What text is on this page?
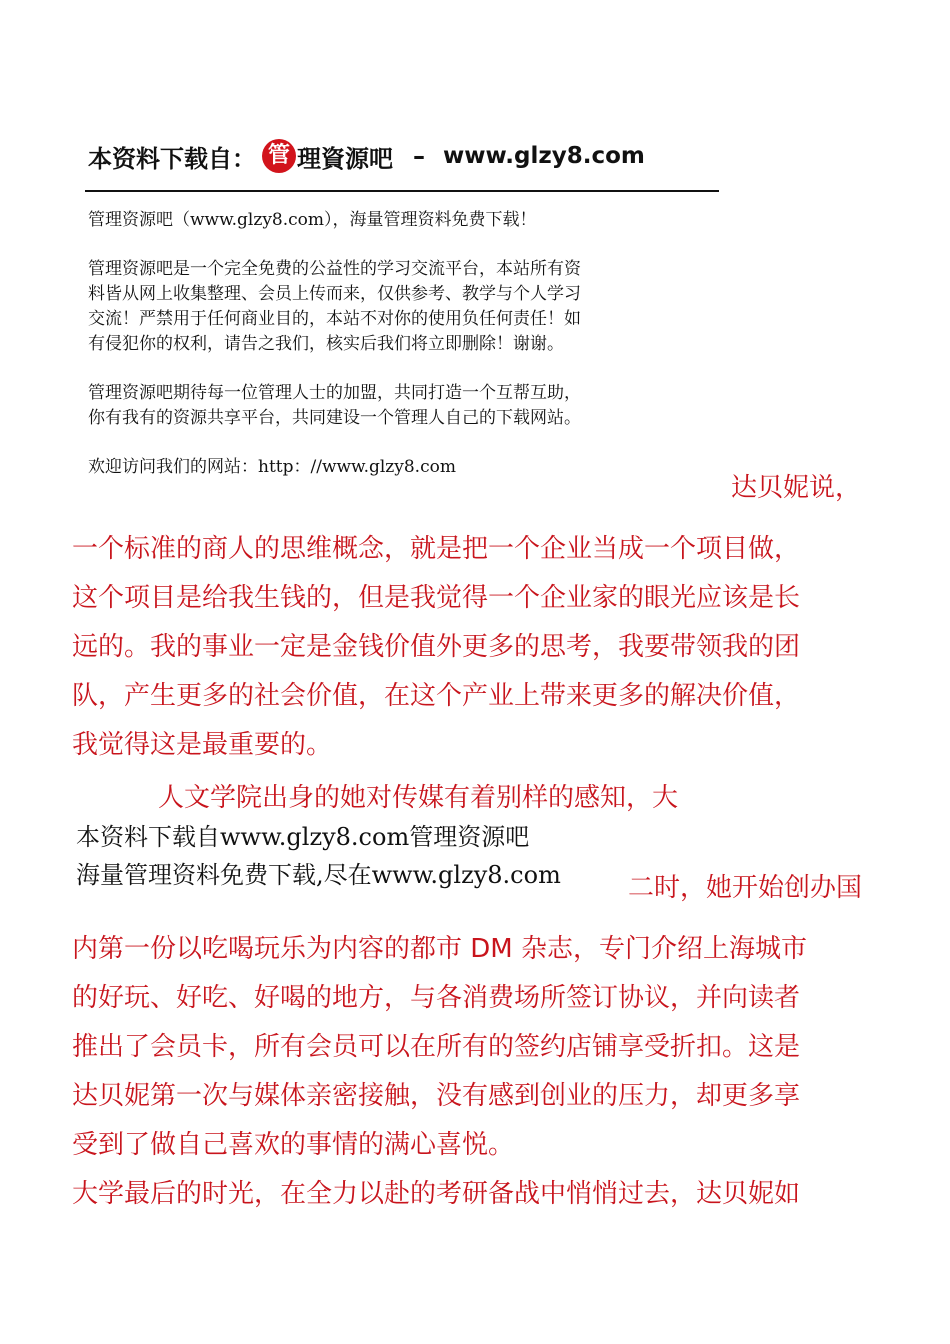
本资料下载自： 管 理資源吧 – www.glzy8.com

管理资源吧（www.glzy8.com），海量管理资料免费下载！

管理资源吧是一个完全免费的公益性的学习交流平台，本站所有资
料皆从网上收集整理、会员上传而来，仅供参考、教学与个人学习
交流！严禁用于任何商业目的，本站不对你的使用负任何责任！如
有侵犯你的权利，请告之我们，核实后我们将立即删除！谢谢。

管理资源吧期待每一位管理人士的加盟，共同打造一个互帮互助，
你有我有的资源共享平台，共同建设一个管理人自己的下载网站。

欢迎访问我们的网站：http：//www.glzy8.com

达贝妮说，
一个标准的商人的思维概念，就是把一个企业当成一个项目做，
这个项目是给我生钱的，但是我觉得一个企业家的眼光应该是长
远的。我的事业一定是金钱价值外更多的思考，我要带领我的团
队，产生更多的社会价值，在这个产业上带来更多的解决价值，
我觉得这是最重要的。
人文学院出身的她对传媒有着别样的感知，大
本资料下载自www.glzy8.com管理资源吧
海量管理资料免费下载,尽在www.glzy8.com	二时，她开始创办国
内第一份以吃喝玩乐为内容的都市 DM 杂志，专门介绍上海城市
的好玩、好吃、好喝的地方，与各消费场所签订协议，并向读者
推出了会员卡，所有会员可以在所有的签约店铺享受折扣。这是
达贝妮第一次与媒体亲密接触，没有感到创业的压力，却更多享
受到了做自己喜欢的事情的满心喜悦。
大学最后的时光，在全力以赴的考研备战中悄悄过去，达贝妮如
